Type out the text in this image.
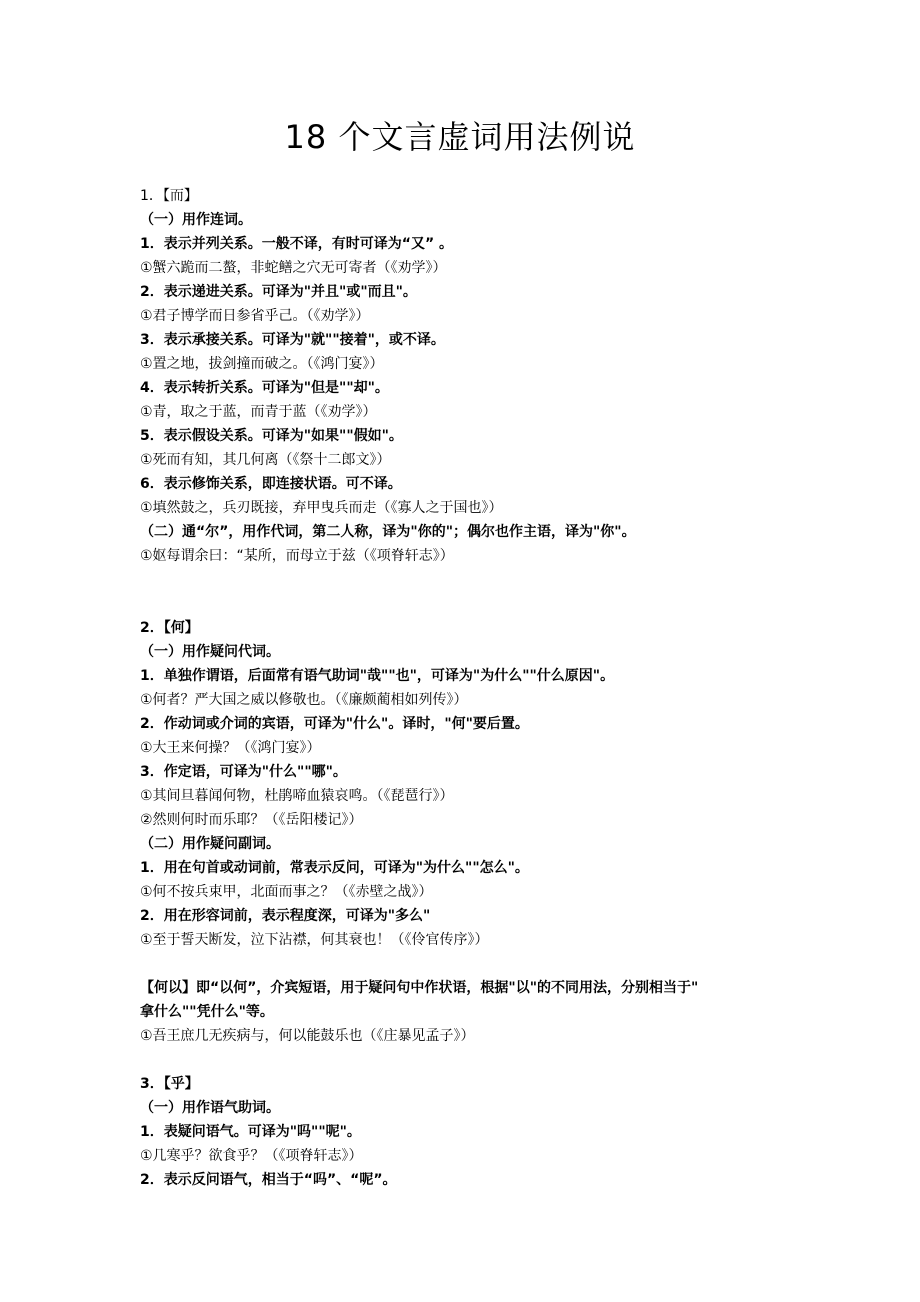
18 个文言虚词用法例说
1．【而】
（一）用作连词。
1．表示并列关系。一般不译，有时可译为“又” 。
①蟹六跪而二螯，非蛇鳝之穴无可寄者（《劝学》）
2．表示递进关系。可译为"并且"或"而且"。
①君子博学而日参省乎己。（《劝学》）
3．表示承接关系。可译为"就""接着"，或不译。
①置之地，拔剑撞而破之。（《鸿门宴》）
4．表示转折关系。可译为"但是""却"。
①青，取之于蓝，而青于蓝（《劝学》）
5．表示假设关系。可译为"如果""假如"。
①死而有知，其几何离（《祭十二郎文》）
6．表示修饰关系，即连接状语。可不译。
①填然鼓之，兵刃既接，弃甲曳兵而走（《寡人之于国也》）
（二）通“尔”，用作代词，第二人称，译为"你的"；偶尔也作主语，译为"你"。
①妪每谓余曰：“某所，而母立于兹（《项脊轩志》）
2．【何】
（一）用作疑问代词。
1．单独作谓语，后面常有语气助词"哉""也"，可译为"为什么""什么原因"。
①何者？严大国之威以修敬也。（《廉颇蔺相如列传》）
2．作动词或介词的宾语，可译为"什么"。译时，"何"要后置。
①大王来何操？（《鸿门宴》）
3．作定语，可译为"什么""哪"。
①其间旦暮闻何物，杜鹃啼血猿哀鸣。（《琵琶行》）
②然则何时而乐耶？（《岳阳楼记》）
（二）用作疑问副词。
1．用在句首或动词前，常表示反问，可译为"为什么""怎么"。
①何不按兵束甲，北面而事之？（《赤壁之战》）
2．用在形容词前，表示程度深，可译为"多么"
①至于誓天断发，泣下沾襟，何其衰也！（《伶官传序》）
【何以】即“以何”，介宾短语，用于疑问句中作状语，根据"以"的不同用法，分别相当于"
拿什么""凭什么"等。
①吾王庶几无疾病与，何以能鼓乐也（《庄暴见孟子》）
3．【乎】
（一）用作语气助词。
1．表疑问语气。可译为"吗""呢"。
①几寒乎？欲食乎？（《项脊轩志》）
2．表示反问语气，相当于“吗”、“呢”。
